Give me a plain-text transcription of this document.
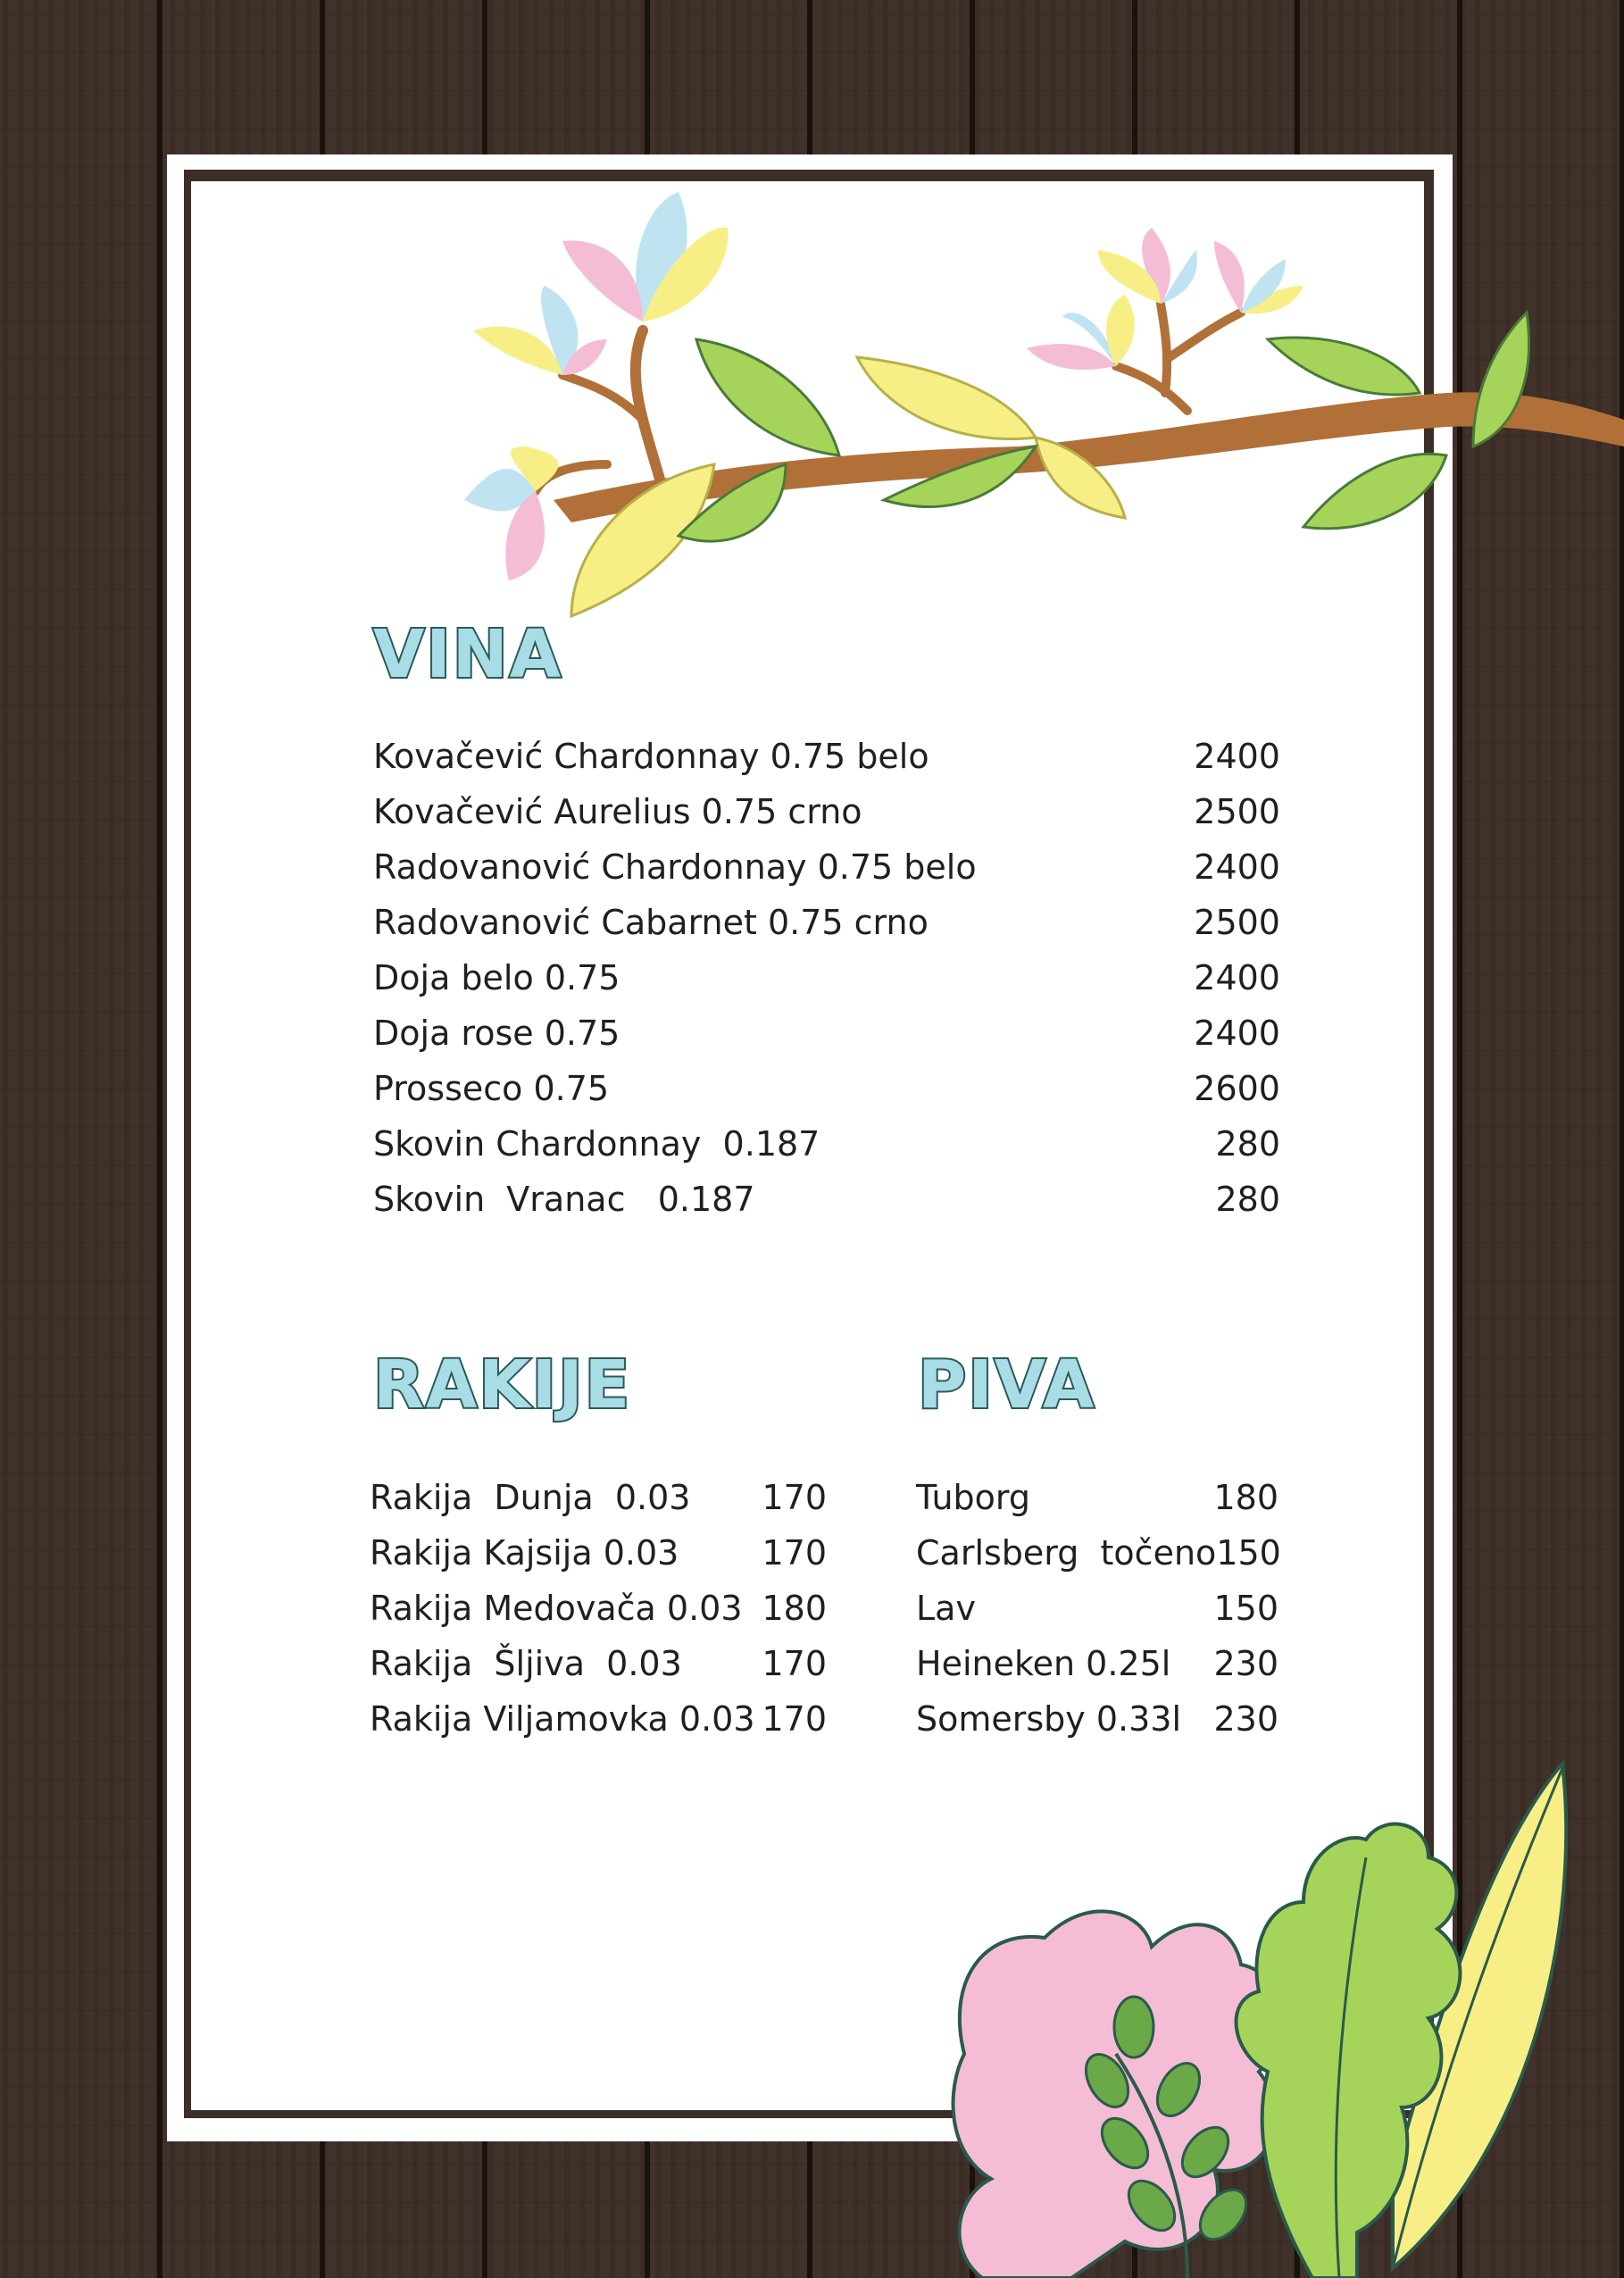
VINA
Kovačević Chardonnay 0.75 belo	2400
Kovačević Aurelius 0.75 crno	2500
Radovanović Chardonnay 0.75 belo	2400
Radovanović Cabarnet 0.75 crno	2500
Doja belo 0.75	2400
Doja rose 0.75	2400
Prosseco 0.75	2600
Skovin Chardonnay  0.187	280
Skovin  Vranac   0.187	280
RAKIJE
Rakija  Dunja  0.03 170
Rakija Kajsija 0.03 170
Rakija Medovača 0.03 180
Rakija  Šljiva  0.03 170
Rakija Viljamovka 0.03 170
PIVA
Tuborg	180
Carlsberg  točeno 150
Lav	150
Heineken 0.25l 230
Somersby 0.33l 230
